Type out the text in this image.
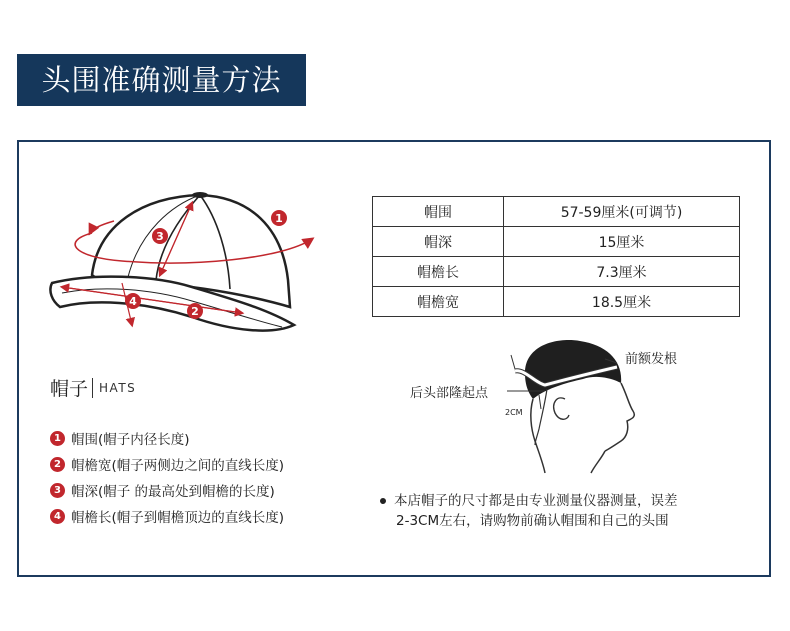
头围准确测量方法
1
3
4
2
帽围	57-59厘米(可调节)
帽深	15厘米
帽檐长	7.3厘米
帽檐宽	18.5厘米
帽子 HATS
1 帽围(帽子内径长度)
2 帽檐宽(帽子两侧边之间的直线长度)
3 帽深(帽子 的最高处到帽檐的长度)
4 帽檐长(帽子到帽檐顶边的直线长度)
前额发根
后头部隆起点
2CM
本店帽子的尺寸都是由专业测量仪器测量，误差
2-3CM左右，请购物前确认帽围和自己的头围
